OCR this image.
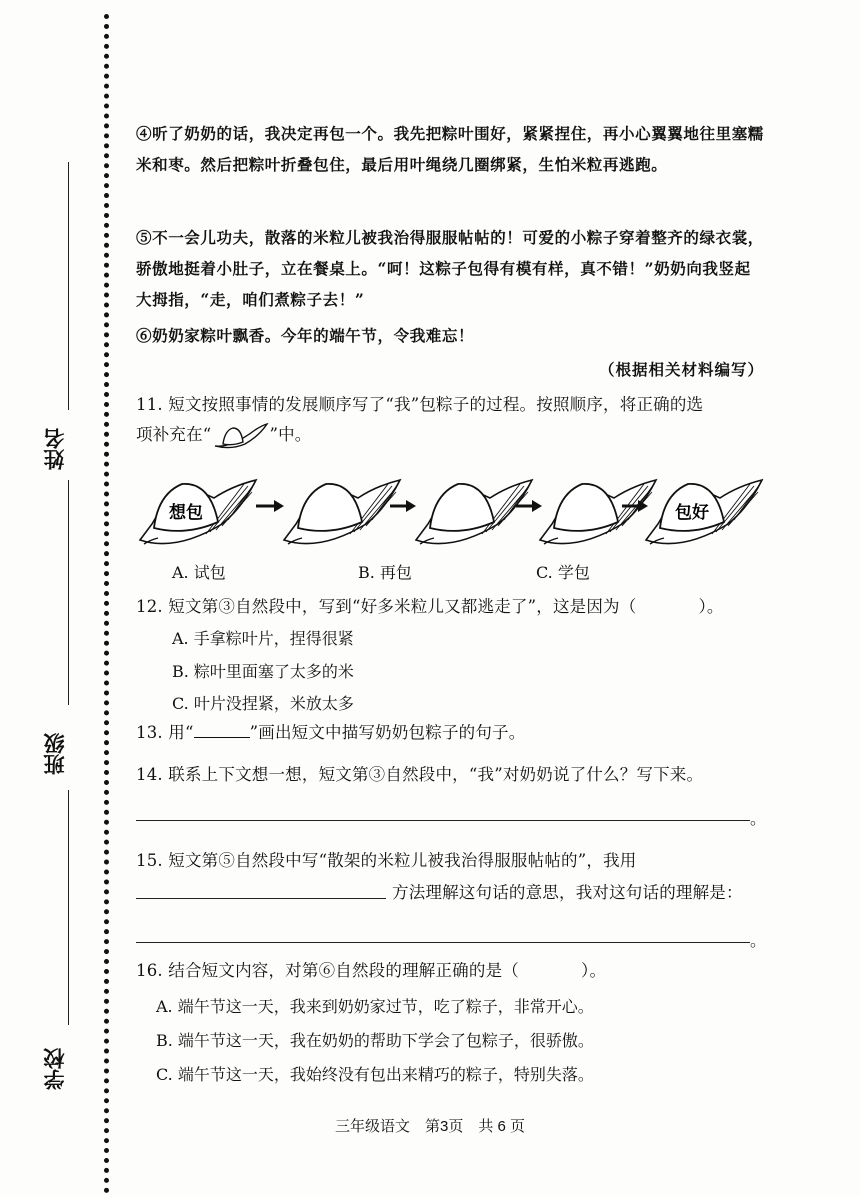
姓名
班级
学校
④听了奶奶的话，我决定再包一个。我先把粽叶围好，紧紧捏住，再小心翼翼地往里塞糯米和枣。然后把粽叶折叠包住，最后用叶绳绕几圈绑紧，生怕米粒再逃跑。
⑤不一会儿功夫，散落的米粒儿被我治得服服帖帖的！可爱的小粽子穿着整齐的绿衣裳，骄傲地挺着小肚子，立在餐桌上。“呵！这粽子包得有模有样，真不错！”奶奶向我竖起大拇指，“走，咱们煮粽子去！”
⑥奶奶家粽叶飘香。今年的端午节，令我难忘！
（根据相关材料编写）
11. 短文按照事情的发展顺序写了“我”包粽子的过程。按照顺序，将正确的选
项补充在“	”中。
想包	包好
A. 试包	B. 再包	C. 学包
12. 短文第③自然段中，写到“好多米粒儿又都逃走了”，这是因为（	）。
A. 手拿粽叶片，捏得很紧
B. 粽叶里面塞了太多的米
C. 叶片没捏紧，米放太多
13. 用“	”画出短文中描写奶奶包粽子的句子。
14. 联系上下文想一想，短文第③自然段中，“我”对奶奶说了什么？写下来。
。
15. 短文第⑤自然段中写“散架的米粒儿被我治得服服帖帖的”，我用
方法理解这句话的意思，我对这句话的理解是：
。
16. 结合短文内容，对第⑥自然段的理解正确的是（	）。
A. 端午节这一天，我来到奶奶家过节，吃了粽子，非常开心。
B. 端午节这一天，我在奶奶的帮助下学会了包粽子，很骄傲。
C. 端午节这一天，我始终没有包出来精巧的粽子，特别失落。
三年级语文　第3页　共 6 页
